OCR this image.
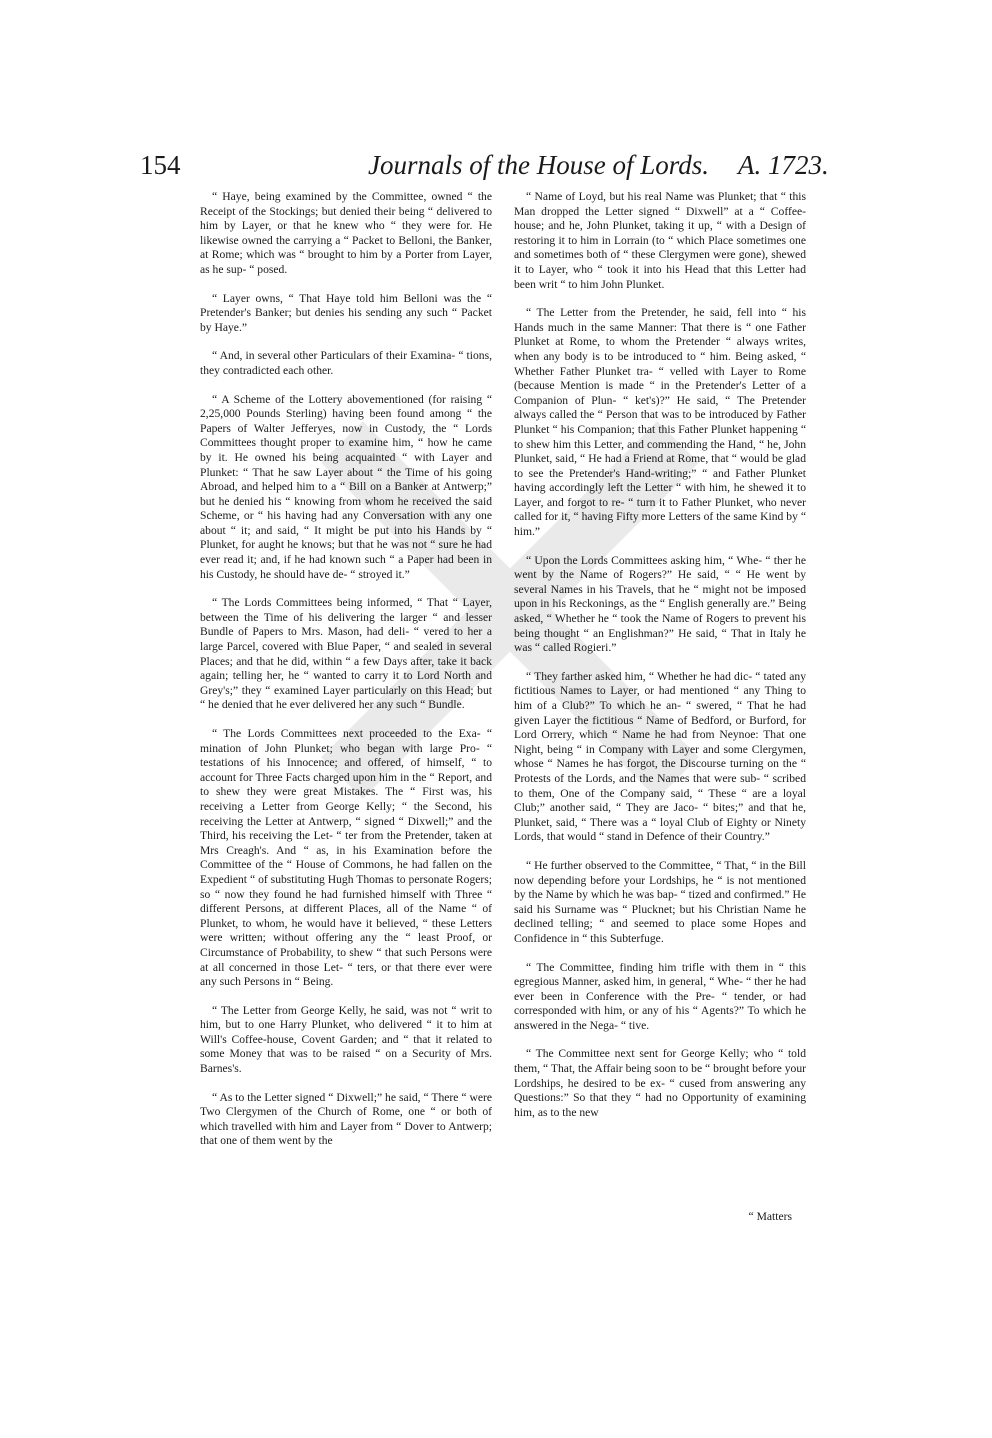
154	Journals of the House of Lords. A. 1723.

“ Haye, being examined by the Committee, owned “ the Receipt of the Stockings; but denied their being “ delivered to him by Layer, or that he knew who “ they were for. He likewise owned the carrying a “ Packet to Belloni, the Banker, at Rome; which was “ brought to him by a Porter from Layer, as he sup- “ posed.

“ Layer owns, “ That Haye told him Belloni was the “ Pretender's Banker; but denies his sending any such “ Packet by Haye.”

“ And, in several other Particulars of their Examina- “ tions, they contradicted each other.

“ A Scheme of the Lottery abovementioned (for raising “ 2,25,000 Pounds Sterling) having been found among “ the Papers of Walter Jefferyes, now in Custody, the “ Lords Committees thought proper to examine him, “ how he came by it. He owned his being acquainted “ with Layer and Plunket: “ That he saw Layer about “ the Time of his going Abroad, and helped him to a “ Bill on a Banker at Antwerp;” but he denied his “ knowing from whom he received the said Scheme, or “ his having had any Conversation with any one about “ it; and said, “ It might be put into his Hands by “ Plunket, for aught he knows; but that he was not “ sure he had ever read it; and, if he had known such “ a Paper had been in his Custody, he should have de- “ stroyed it.”

“ The Lords Committees being informed, “ That “ Layer, between the Time of his delivering the larger “ and lesser Bundle of Papers to Mrs. Mason, had deli- “ vered to her a large Parcel, covered with Blue Paper, “ and sealed in several Places; and that he did, within “ a few Days after, take it back again; telling her, he “ wanted to carry it to Lord North and Grey's;” they “ examined Layer particularly on this Head; but “ he denied that he ever delivered her any such “ Bundle.

“ The Lords Committees next proceeded to the Exa- “ mination of John Plunket; who began with large Pro- “ testations of his Innocence; and offered, of himself, “ to account for Three Facts charged upon him in the “ Report, and to shew they were great Mistakes. The “ First was, his receiving a Letter from George Kelly; “ the Second, his receiving the Letter at Antwerp, “ signed “ Dixwell;” and the Third, his receiving the Let- “ ter from the Pretender, taken at Mrs Creagh's. And “ as, in his Examination before the Committee of the “ House of Commons, he had fallen on the Expedient “ of substituting Hugh Thomas to personate Rogers; so “ now they found he had furnished himself with Three “ different Persons, at different Places, all of the Name “ of Plunket, to whom, he would have it believed, “ these Letters were written; without offering any the “ least Proof, or Circumstance of Probability, to shew “ that such Persons were at all concerned in those Let- “ ters, or that there ever were any such Persons in “ Being.

“ The Letter from George Kelly, he said, was not “ writ to him, but to one Harry Plunket, who delivered “ it to him at Will's Coffee-house, Covent Garden; and “ that it related to some Money that was to be raised “ on a Security of Mrs. Barnes's.

“ As to the Letter signed “ Dixwell;” he said, “ There “ were Two Clergymen of the Church of Rome, one “ or both of which travelled with him and Layer from “ Dover to Antwerp; that one of them went by the

“ Name of Loyd, but his real Name was Plunket; that “ this Man dropped the Letter signed “ Dixwell” at a “ Coffee-house; and he, John Plunket, taking it up, “ with a Design of restoring it to him in Lorrain (to “ which Place sometimes one and sometimes both of “ these Clergymen were gone), shewed it to Layer, who “ took it into his Head that this Letter had been writ “ to him John Plunket.

“ The Letter from the Pretender, he said, fell into “ his Hands much in the same Manner: That there is “ one Father Plunket at Rome, to whom the Pretender “ always writes, when any body is to be introduced to “ him. Being asked, “ Whether Father Plunket tra- “ velled with Layer to Rome (because Mention is made “ in the Pretender's Letter of a Companion of Plun- “ ket's)?” He said, “ The Pretender always called the “ Person that was to be introduced by Father Plunket “ his Companion; that this Father Plunket happening “ to shew him this Letter, and commending the Hand, “ he, John Plunket, said, “ He had a Friend at Rome, that “ would be glad to see the Pretender's Hand-writing;” “ and Father Plunket having accordingly left the Letter “ with him, he shewed it to Layer, and forgot to re- “ turn it to Father Plunket, who never called for it, “ having Fifty more Letters of the same Kind by “ him.”

“ Upon the Lords Committees asking him, “ Whe- “ ther he went by the Name of Rogers?” He said, “ “ He went by several Names in his Travels, that he “ might not be imposed upon in his Reckonings, as the “ English generally are.” Being asked, “ Whether he “ took the Name of Rogers to prevent his being thought “ an Englishman?” He said, “ That in Italy he was “ called Rogieri.”

“ They farther asked him, “ Whether he had dic- “ tated any fictitious Names to Layer, or had mentioned “ any Thing to him of a Club?” To which he an- “ swered, “ That he had given Layer the fictitious “ Name of Bedford, or Burford, for Lord Orrery, which “ Name he had from Neynoe: That one Night, being “ in Company with Layer and some Clergymen, whose “ Names he has forgot, the Discourse turning on the “ Protests of the Lords, and the Names that were sub- “ scribed to them, One of the Company said, “ These “ are a loyal Club;” another said, “ They are Jaco- “ bites;” and that he, Plunket, said, “ There was a “ loyal Club of Eighty or Ninety Lords, that would “ stand in Defence of their Country.”

“ He further observed to the Committee, “ That, “ in the Bill now depending before your Lordships, he “ is not mentioned by the Name by which he was bap- “ tized and confirmed.” He said his Surname was “ Plucknet; but his Christian Name he declined telling; “ and seemed to place some Hopes and Confidence in “ this Subterfuge.

“ The Committee, finding him trifle with them in “ this egregious Manner, asked him, in general, “ Whe- “ ther he had ever been in Conference with the Pre- “ tender, or had corresponded with him, or any of his “ Agents?” To which he answered in the Nega- “ tive.

“ The Committee next sent for George Kelly; who “ told them, “ That, the Affair being soon to be “ brought before your Lordships, he desired to be ex- “ cused from answering any Questions:” So that they “ had no Opportunity of examining him, as to the new

“ Matters
